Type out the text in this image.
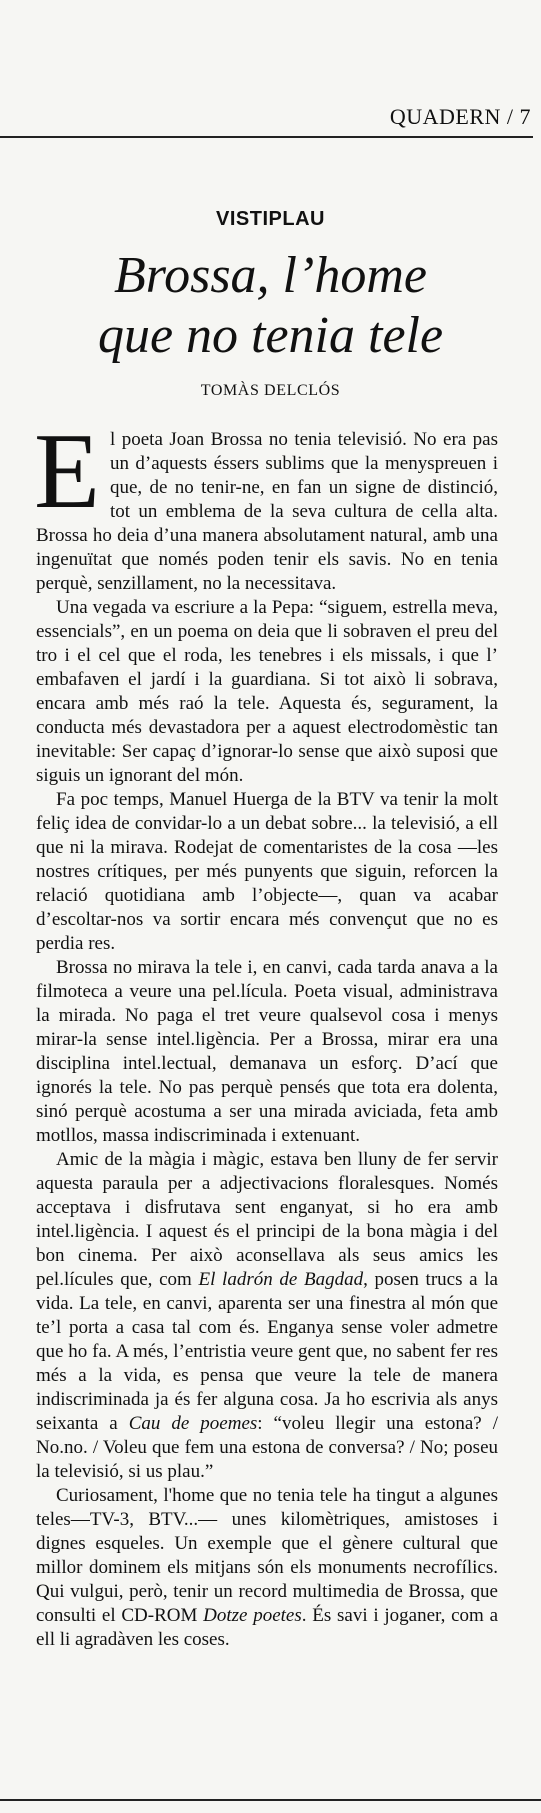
QUADERN / 7
VISTIPLAU
Brossa, l’home
que no tenia tele
TOMÀS DELCLÓS

El poeta Joan Brossa no tenia televisió. No era pas un d’aquests éssers sublims que la menyspreuen i que, de no tenir-ne, en fan un signe de distinció, tot un emblema de la seva cultura de cella alta. Brossa ho deia d’una manera absolutament natural, amb una ingenuïtat que només poden tenir els savis. No en tenia perquè, senzillament, no la necessitava.

Una vegada va escriure a la Pepa: “siguem, estrella meva, essencials”, en un poema on deia que li sobraven el preu del tro i el cel que el roda, les tenebres i els missals, i que l’ embafaven el jardí i la guardiana. Si tot això li sobrava, encara amb més raó la tele. Aquesta és, segurament, la conducta més devastadora per a aquest electrodomèstic tan inevitable: Ser capaç d’ignorar-lo sense que això suposi que siguis un ignorant del món.

Fa poc temps, Manuel Huerga de la BTV va tenir la molt feliç idea de convidar-lo a un debat sobre... la televisió, a ell que ni la mirava. Rodejat de comentaristes de la cosa —les nostres crítiques, per més punyents que siguin, reforcen la relació quotidiana amb l’objecte—, quan va acabar d’escoltar-nos va sortir encara més convençut que no es perdia res.

Brossa no mirava la tele i, en canvi, cada tarda anava a la filmoteca a veure una pel.lícula. Poeta visual, administrava la mirada. No paga el tret veure qualsevol cosa i menys mirar-la sense intel.ligència. Per a Brossa, mirar era una disciplina intel.lectual, demanava un esforç. D’ací que ignorés la tele. No pas perquè pensés que tota era dolenta, sinó perquè acostuma a ser una mirada aviciada, feta amb motllos, massa indiscriminada i extenuant.

Amic de la màgia i màgic, estava ben lluny de fer servir aquesta paraula per a adjectivacions floralesques. Només acceptava i disfrutava sent enganyat, si ho era amb intel.ligència. I aquest és el principi de la bona màgia i del bon cinema. Per això aconsellava als seus amics les pel.lícules que, com El ladrón de Bagdad, posen trucs a la vida. La tele, en canvi, aparenta ser una finestra al món que te’l porta a casa tal com és. Enganya sense voler admetre que ho fa. A més, l’entristia veure gent que, no sabent fer res més a la vida, es pensa que veure la tele de manera indiscriminada ja és fer alguna cosa. Ja ho escrivia als anys seixanta a Cau de poemes: “voleu llegir una estona? / No.no. / Voleu que fem una estona de conversa? / No; poseu la televisió, si us plau.”

Curiosament, l'home que no tenia tele ha tingut a algunes teles—TV-3, BTV...— unes kilomètriques, amistoses i dignes esqueles. Un exemple que el gènere cultural que millor dominem els mitjans són els monuments necrofílics. Qui vulgui, però, tenir un record multimedia de Brossa, que consulti el CD-ROM Dotze poetes. És savi i joganer, com a ell li agradàven les coses.
